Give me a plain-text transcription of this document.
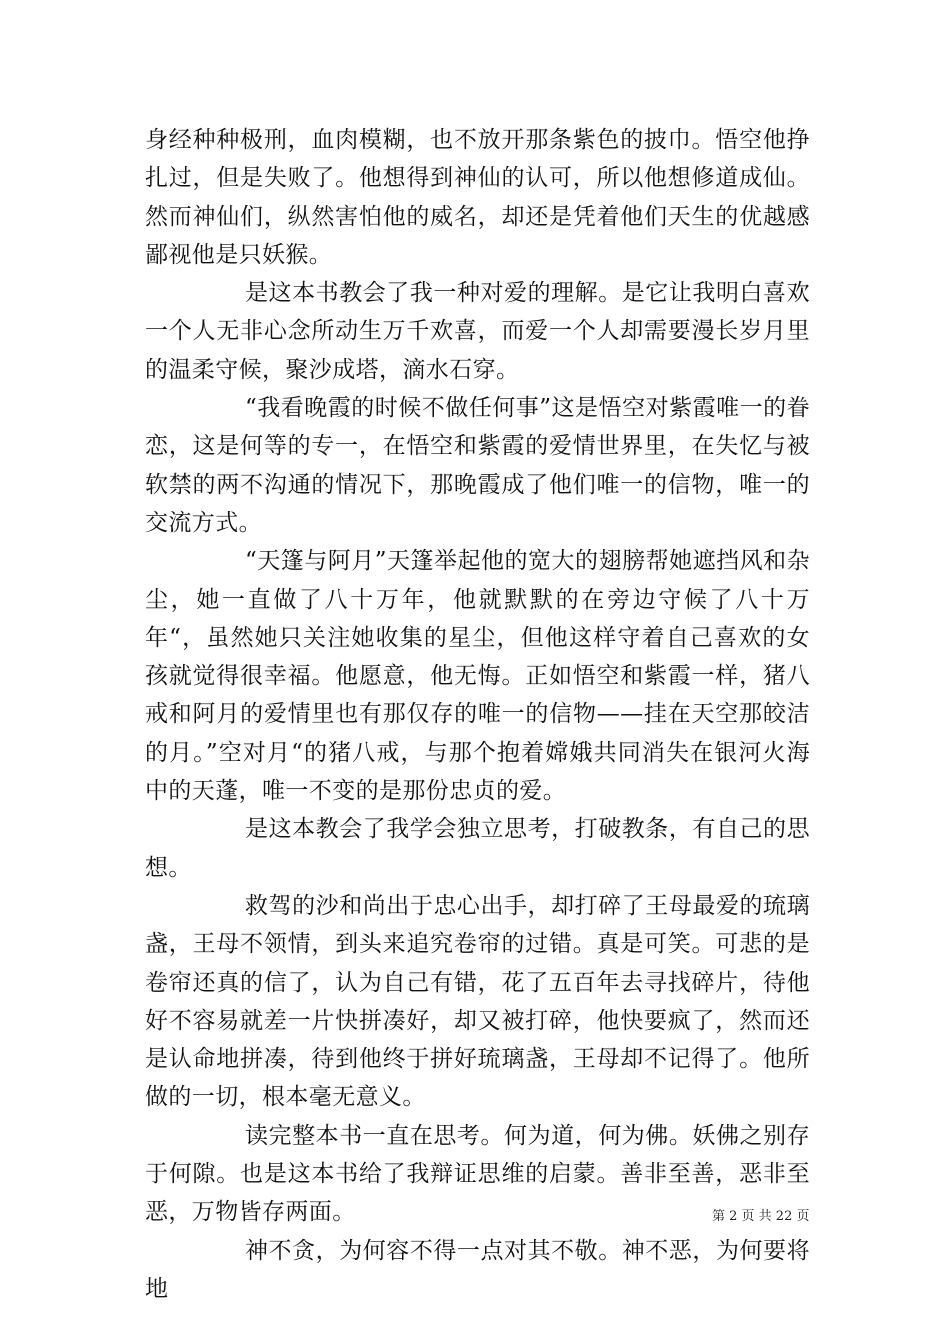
身经种种极刑，血肉模糊，也不放开那条紫色的披巾。悟空他挣扎过，但是失败了。他想得到神仙的认可，所以他想修道成仙。然而神仙们，纵然害怕他的威名，却还是凭着他们天生的优越感鄙视他是只妖猴。

是这本书教会了我一种对爱的理解。是它让我明白喜欢一个人无非心念所动生万千欢喜，而爱一个人却需要漫长岁月里的温柔守候，聚沙成塔，滴水石穿。

“我看晚霞的时候不做任何事”这是悟空对紫霞唯一的眷恋，这是何等的专一，在悟空和紫霞的爱情世界里，在失忆与被软禁的两不沟通的情况下，那晚霞成了他们唯一的信物，唯一的交流方式。

“天篷与阿月”天篷举起他的宽大的翅膀帮她遮挡风和杂尘，她一直做了八十万年，他就默默的在旁边守候了八十万年“，虽然她只关注她收集的星尘，但他这样守着自己喜欢的女孩就觉得很幸福。他愿意，他无悔。正如悟空和紫霞一样，猪八戒和阿月的爱情里也有那仅存的唯一的信物——挂在天空那皎洁的月。”空对月“的猪八戒，与那个抱着嫦娥共同消失在银河火海中的天蓬，唯一不变的是那份忠贞的爱。

是这本教会了我学会独立思考，打破教条，有自己的思想。

救驾的沙和尚出于忠心出手，却打碎了王母最爱的琉璃盏，王母不领情，到头来追究卷帘的过错。真是可笑。可悲的是卷帘还真的信了，认为自己有错，花了五百年去寻找碎片，待他好不容易就差一片快拼凑好，却又被打碎，他快要疯了，然而还是认命地拼凑，待到他终于拼好琉璃盏，王母却不记得了。他所做的一切，根本毫无意义。

读完整本书一直在思考。何为道，何为佛。妖佛之别存于何隙。也是这本书给了我辩证思维的启蒙。善非至善，恶非至恶，万物皆存两面。

神不贪，为何容不得一点对其不敬。神不恶，为何要将地

第 2 页 共 22 页
